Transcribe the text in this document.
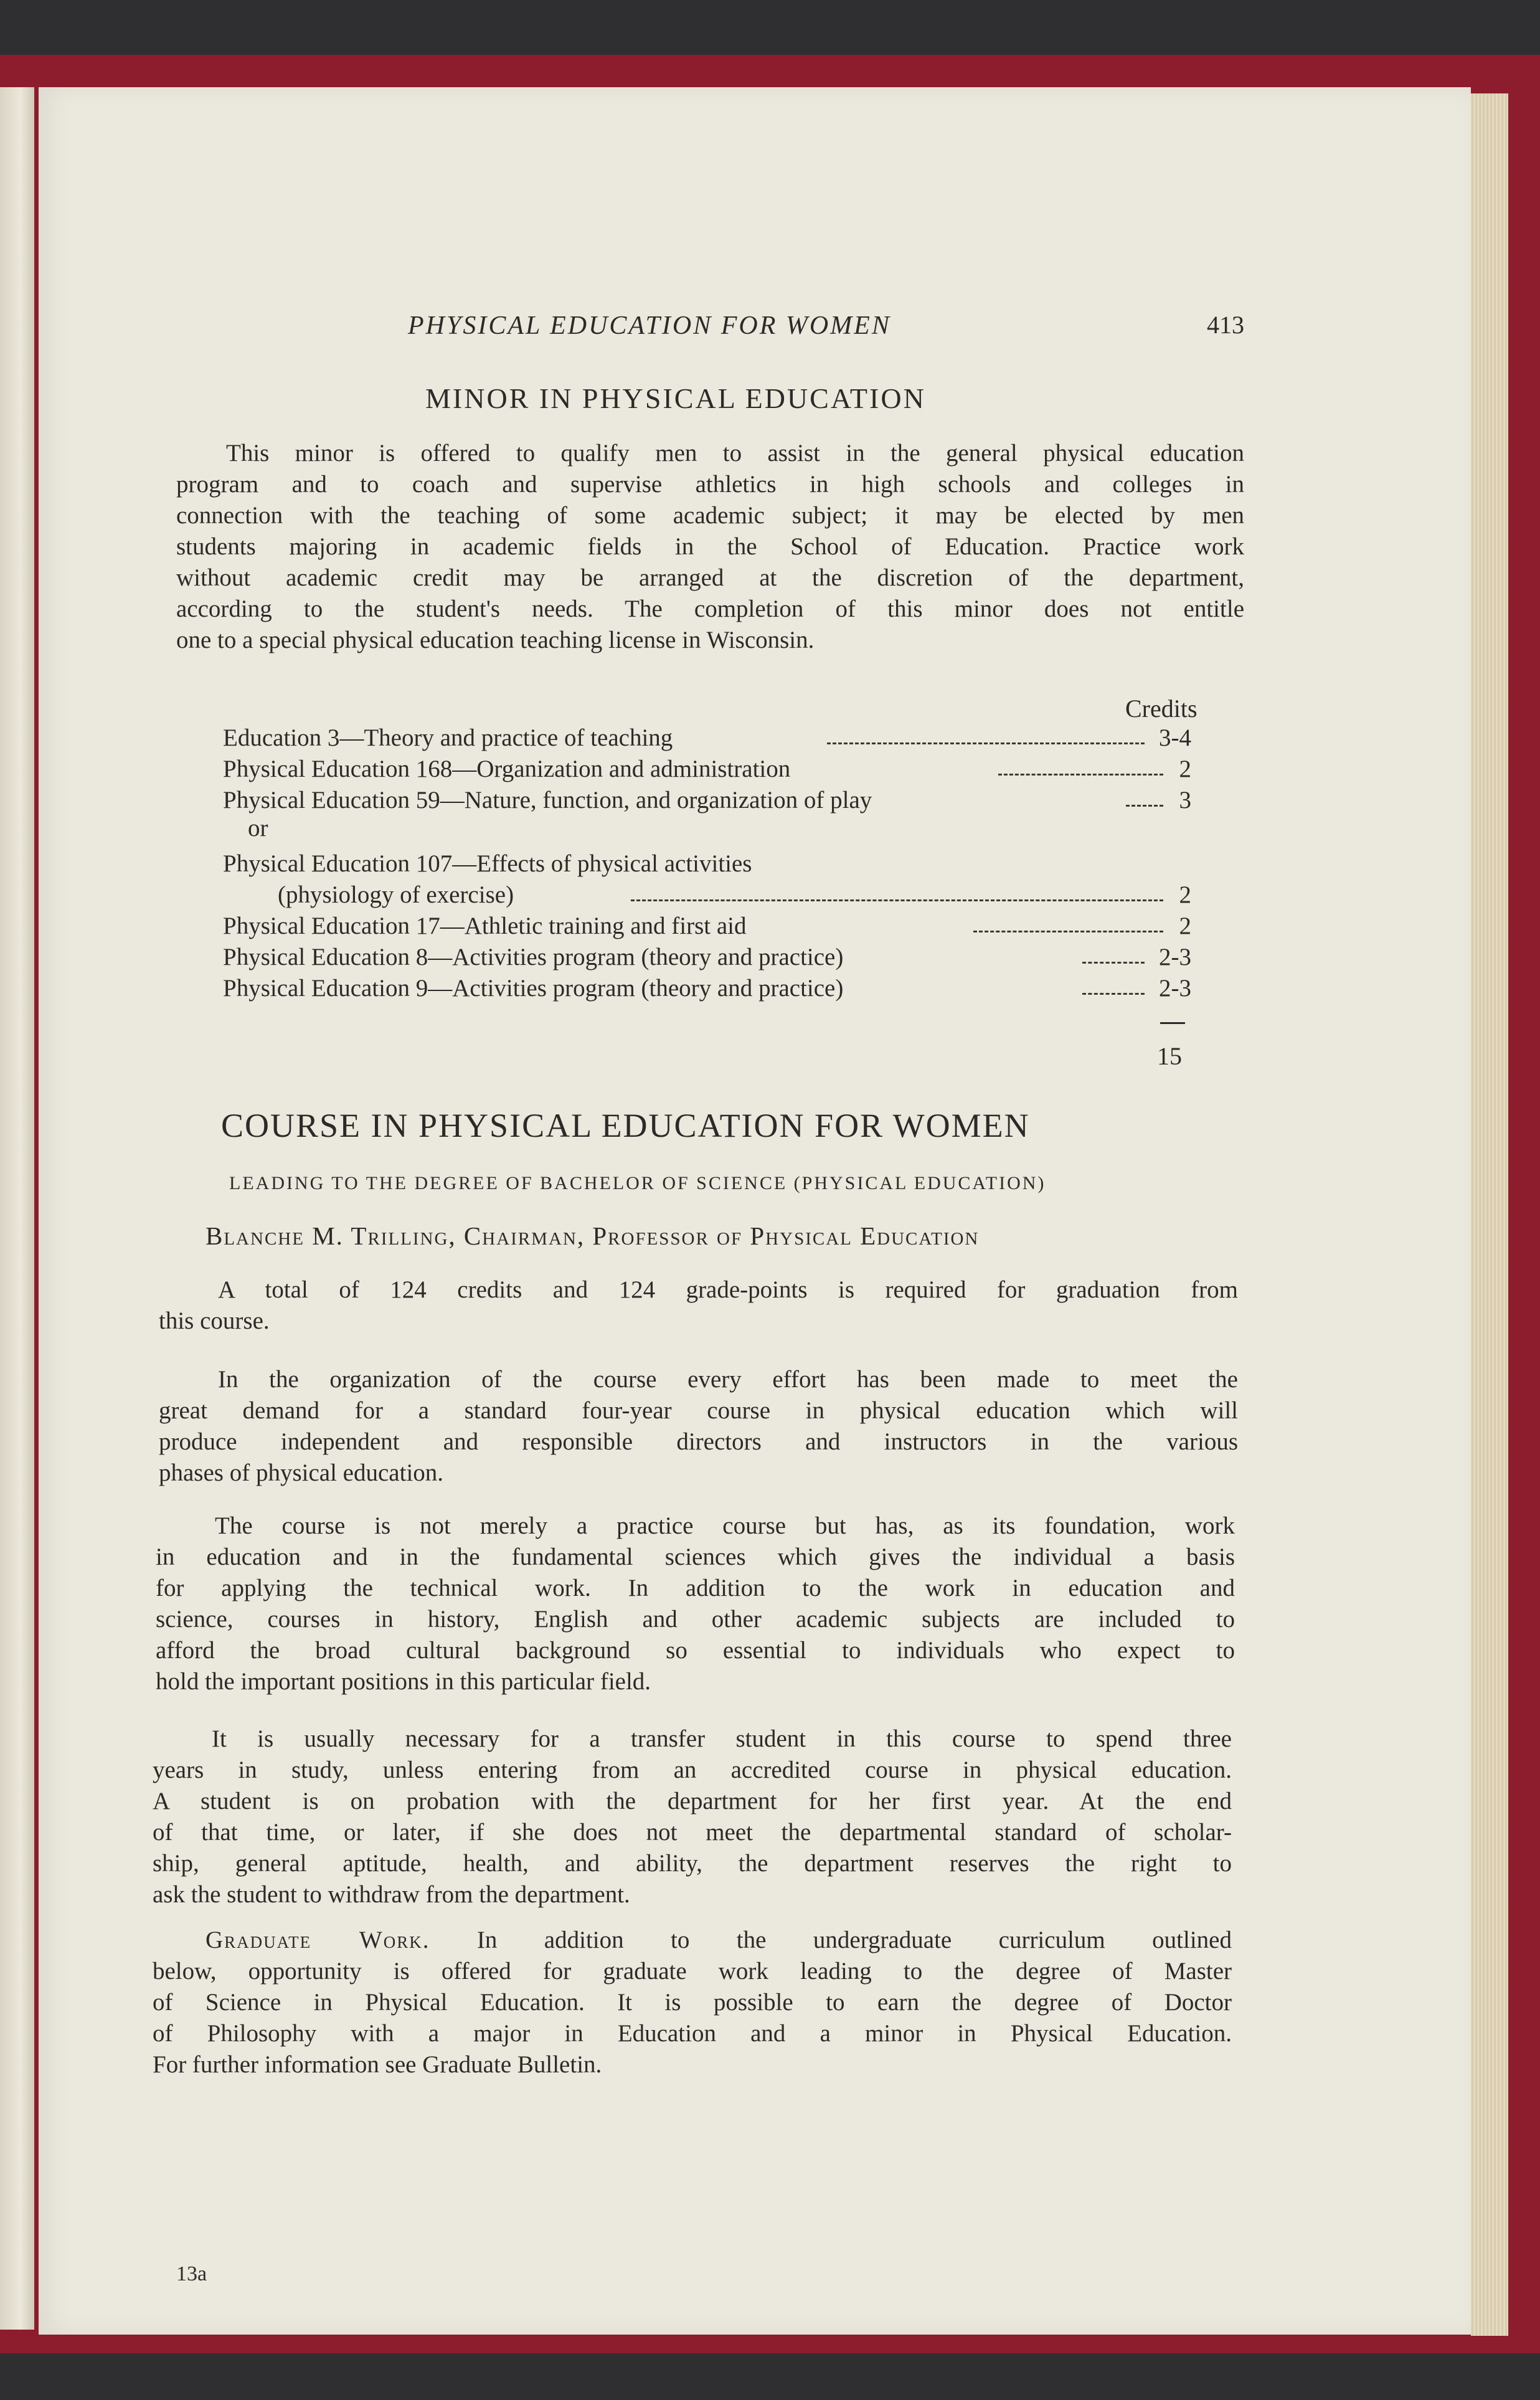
PHYSICAL EDUCATION FOR WOMEN	413
MINOR IN PHYSICAL EDUCATION
This minor is offered to qualify men to assist in the general physical education
program and to coach and supervise athletics in high schools and colleges in
connection with the teaching of some academic subject; it may be elected by men
students majoring in academic fields in the School of Education. Practice work
without academic credit may be arranged at the discretion of the department,
according to the student's needs. The completion of this minor does not entitle
one to a special physical education teaching license in Wisconsin.
Credits
Education 3—Theory and practice of teaching	3-4
Physical Education 168—Organization and administration	2
Physical Education 59—Nature, function, and organization of play	3
or
Physical Education 107—Effects of physical activities
(physiology of exercise)	2
Physical Education 17—Athletic training and first aid	2
Physical Education 8—Activities program (theory and practice)	2-3
Physical Education 9—Activities program (theory and practice)	2-3
15
COURSE IN PHYSICAL EDUCATION FOR WOMEN
LEADING TO THE DEGREE OF BACHELOR OF SCIENCE (PHYSICAL EDUCATION)
Blanche M. Trilling, Chairman, Professor of Physical Education
A total of 124 credits and 124 grade-points is required for graduation from
this course.
In the organization of the course every effort has been made to meet the
great demand for a standard four-year course in physical education which will
produce independent and responsible directors and instructors in the various
phases of physical education.
The course is not merely a practice course but has, as its foundation, work
in education and in the fundamental sciences which gives the individual a basis
for applying the technical work. In addition to the work in education and
science, courses in history, English and other academic subjects are included to
afford the broad cultural background so essential to individuals who expect to
hold the important positions in this particular field.
It is usually necessary for a transfer student in this course to spend three
years in study, unless entering from an accredited course in physical education.
A student is on probation with the department for her first year. At the end
of that time, or later, if she does not meet the departmental standard of scholar-
ship, general aptitude, health, and ability, the department reserves the right to
ask the student to withdraw from the department.
Graduate Work. In addition to the undergraduate curriculum outlined
below, opportunity is offered for graduate work leading to the degree of Master
of Science in Physical Education. It is possible to earn the degree of Doctor
of Philosophy with a major in Education and a minor in Physical Education.
For further information see Graduate Bulletin.
13a
